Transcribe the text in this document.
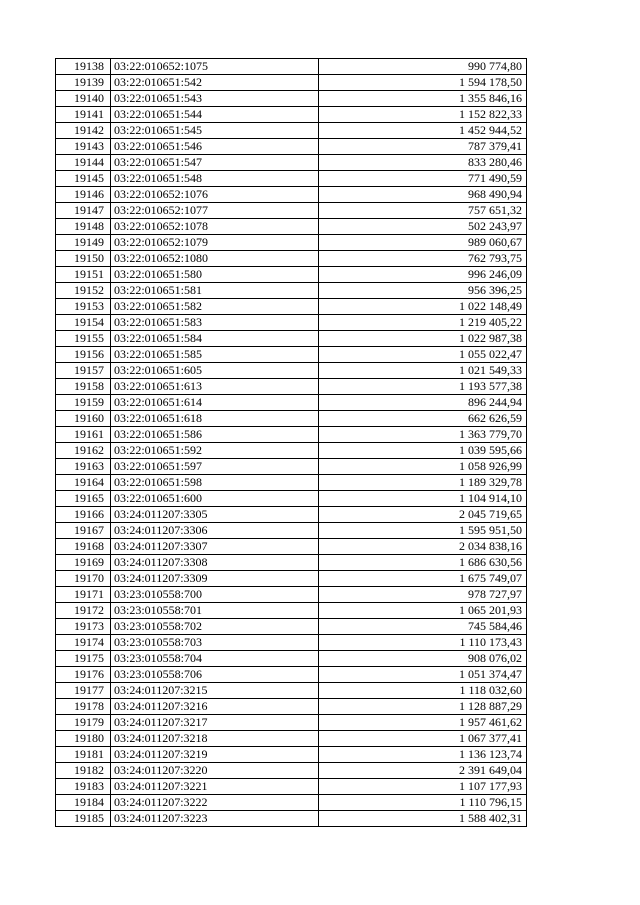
19138	03:22:010652:1075	990 774,80
19139	03:22:010651:542	1 594 178,50
19140	03:22:010651:543	1 355 846,16
19141	03:22:010651:544	1 152 822,33
19142	03:22:010651:545	1 452 944,52
19143	03:22:010651:546	787 379,41
19144	03:22:010651:547	833 280,46
19145	03:22:010651:548	771 490,59
19146	03:22:010652:1076	968 490,94
19147	03:22:010652:1077	757 651,32
19148	03:22:010652:1078	502 243,97
19149	03:22:010652:1079	989 060,67
19150	03:22:010652:1080	762 793,75
19151	03:22:010651:580	996 246,09
19152	03:22:010651:581	956 396,25
19153	03:22:010651:582	1 022 148,49
19154	03:22:010651:583	1 219 405,22
19155	03:22:010651:584	1 022 987,38
19156	03:22:010651:585	1 055 022,47
19157	03:22:010651:605	1 021 549,33
19158	03:22:010651:613	1 193 577,38
19159	03:22:010651:614	896 244,94
19160	03:22:010651:618	662 626,59
19161	03:22:010651:586	1 363 779,70
19162	03:22:010651:592	1 039 595,66
19163	03:22:010651:597	1 058 926,99
19164	03:22:010651:598	1 189 329,78
19165	03:22:010651:600	1 104 914,10
19166	03:24:011207:3305	2 045 719,65
19167	03:24:011207:3306	1 595 951,50
19168	03:24:011207:3307	2 034 838,16
19169	03:24:011207:3308	1 686 630,56
19170	03:24:011207:3309	1 675 749,07
19171	03:23:010558:700	978 727,97
19172	03:23:010558:701	1 065 201,93
19173	03:23:010558:702	745 584,46
19174	03:23:010558:703	1 110 173,43
19175	03:23:010558:704	908 076,02
19176	03:23:010558:706	1 051 374,47
19177	03:24:011207:3215	1 118 032,60
19178	03:24:011207:3216	1 128 887,29
19179	03:24:011207:3217	1 957 461,62
19180	03:24:011207:3218	1 067 377,41
19181	03:24:011207:3219	1 136 123,74
19182	03:24:011207:3220	2 391 649,04
19183	03:24:011207:3221	1 107 177,93
19184	03:24:011207:3222	1 110 796,15
19185	03:24:011207:3223	1 588 402,31
